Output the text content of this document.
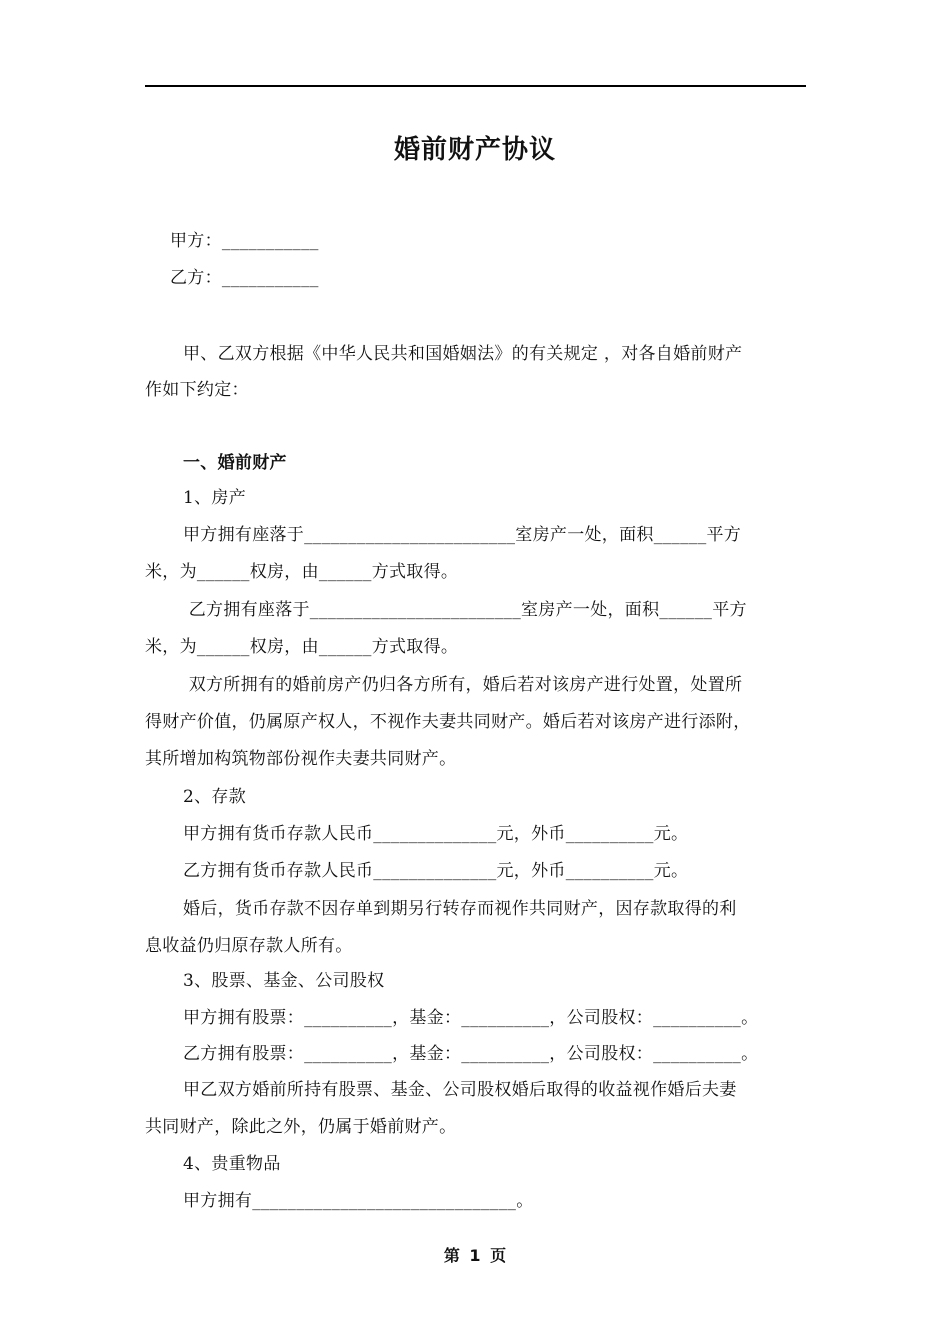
婚前财产协议
甲方：___________
乙方：___________
甲、乙双方根据《中华人民共和国婚姻法》的有关规定 ，对各自婚前财产
作如下约定：
一、婚前财产
1、房产
甲方拥有座落于________________________室房产一处，面积______平方
米，为______权房，由______方式取得。
乙方拥有座落于________________________室房产一处，面积______平方
米，为______权房，由______方式取得。
双方所拥有的婚前房产仍归各方所有，婚后若对该房产进行处置，处置所
得财产价值，仍属原产权人，不视作夫妻共同财产。婚后若对该房产进行添附，
其所增加构筑物部份视作夫妻共同财产。
2、存款
甲方拥有货币存款人民币______________元，外币__________元。
乙方拥有货币存款人民币______________元，外币__________元。
婚后，货币存款不因存单到期另行转存而视作共同财产，因存款取得的利
息收益仍归原存款人所有。
3、股票、基金、公司股权
甲方拥有股票：__________，基金：__________，公司股权：__________。
乙方拥有股票：__________，基金：__________，公司股权：__________。
甲乙双方婚前所持有股票、基金、公司股权婚后取得的收益视作婚后夫妻
共同财产，除此之外，仍属于婚前财产。
4、贵重物品
甲方拥有______________________________。
第 1 页
